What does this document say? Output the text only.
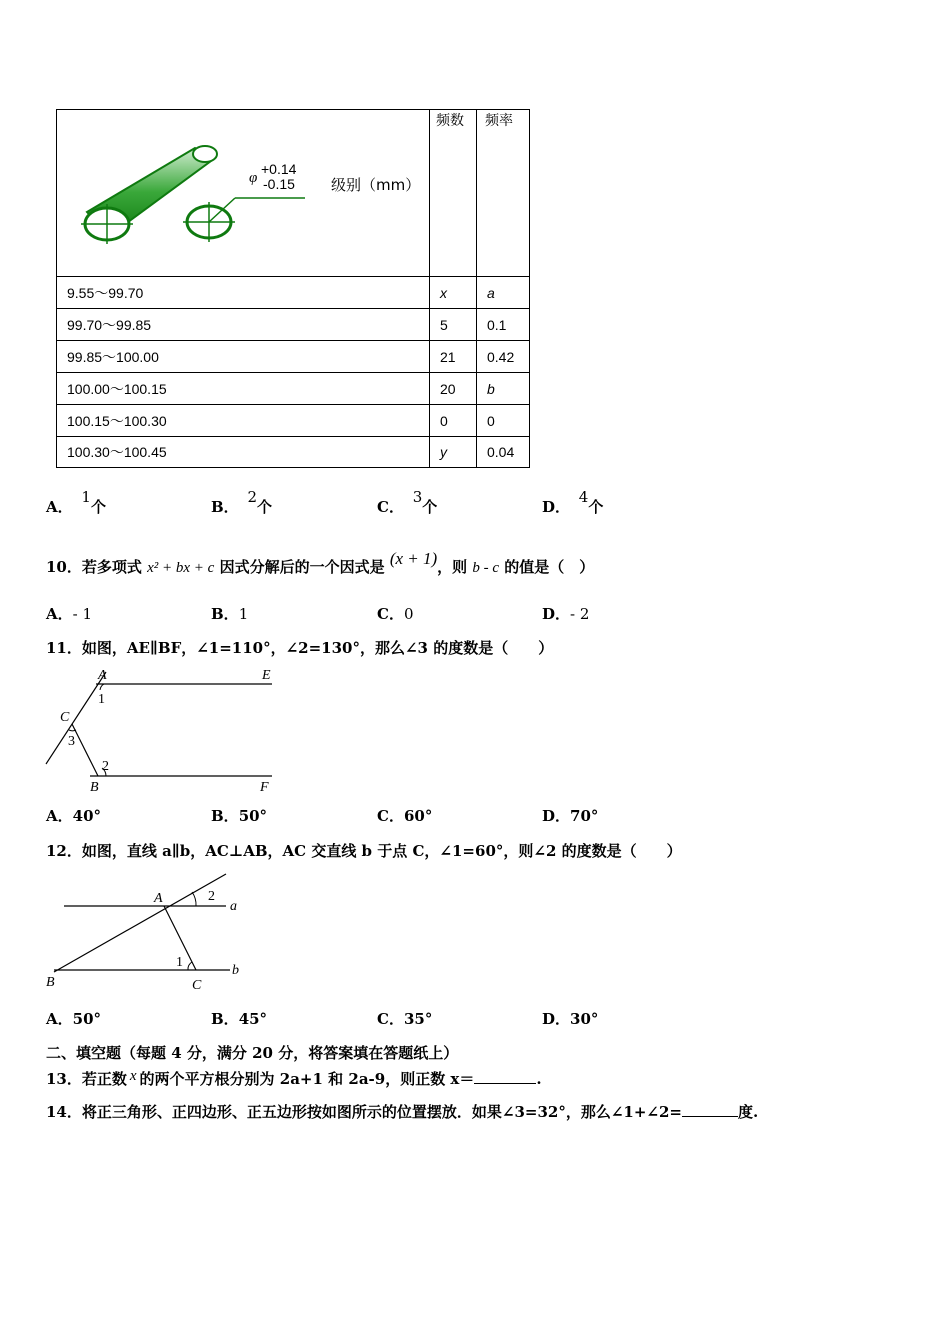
φ
+0.14
-0.15 级别（mm）	频数	频率
9.55～99.70	x	a
99.70～99.85	5	0.1
99.85～100.00	21	0.42
100.00～100.15	20	b
100.15～100.30	0	0
100.30～100.45	y	0.04
A． 1个	B． 2个	C． 3个	D． 4个
10．若多项式 x² + bx + c 因式分解后的一个因式是 (x + 1)，则 b - c 的值是（　）
A．- 1	B．1	C．0	D．- 2
11．如图，AE∥BF，∠1=110°，∠2=130°，那么∠3 的度数是（　　）
A	E
C
B	F
1
2
3
A．40°	B．50°	C．60°	D．70°
12．如图，直线 a∥b，AC⊥AB，AC 交直线 b 于点 C，∠1=60°，则∠2 的度数是（　　）
A
a
B	C
b
1
2
A．50°	B．45°	C．35°	D．30°
二、填空题（每题 4 分，满分 20 分，将答案填在答题纸上）
13．若正数 x 的两个平方根分别为 2a+1 和 2a-9，则正数 x＝	.
14．将正三角形、正四边形、正五边形按如图所示的位置摆放．如果∠3=32°，那么∠1+∠2=	度.
